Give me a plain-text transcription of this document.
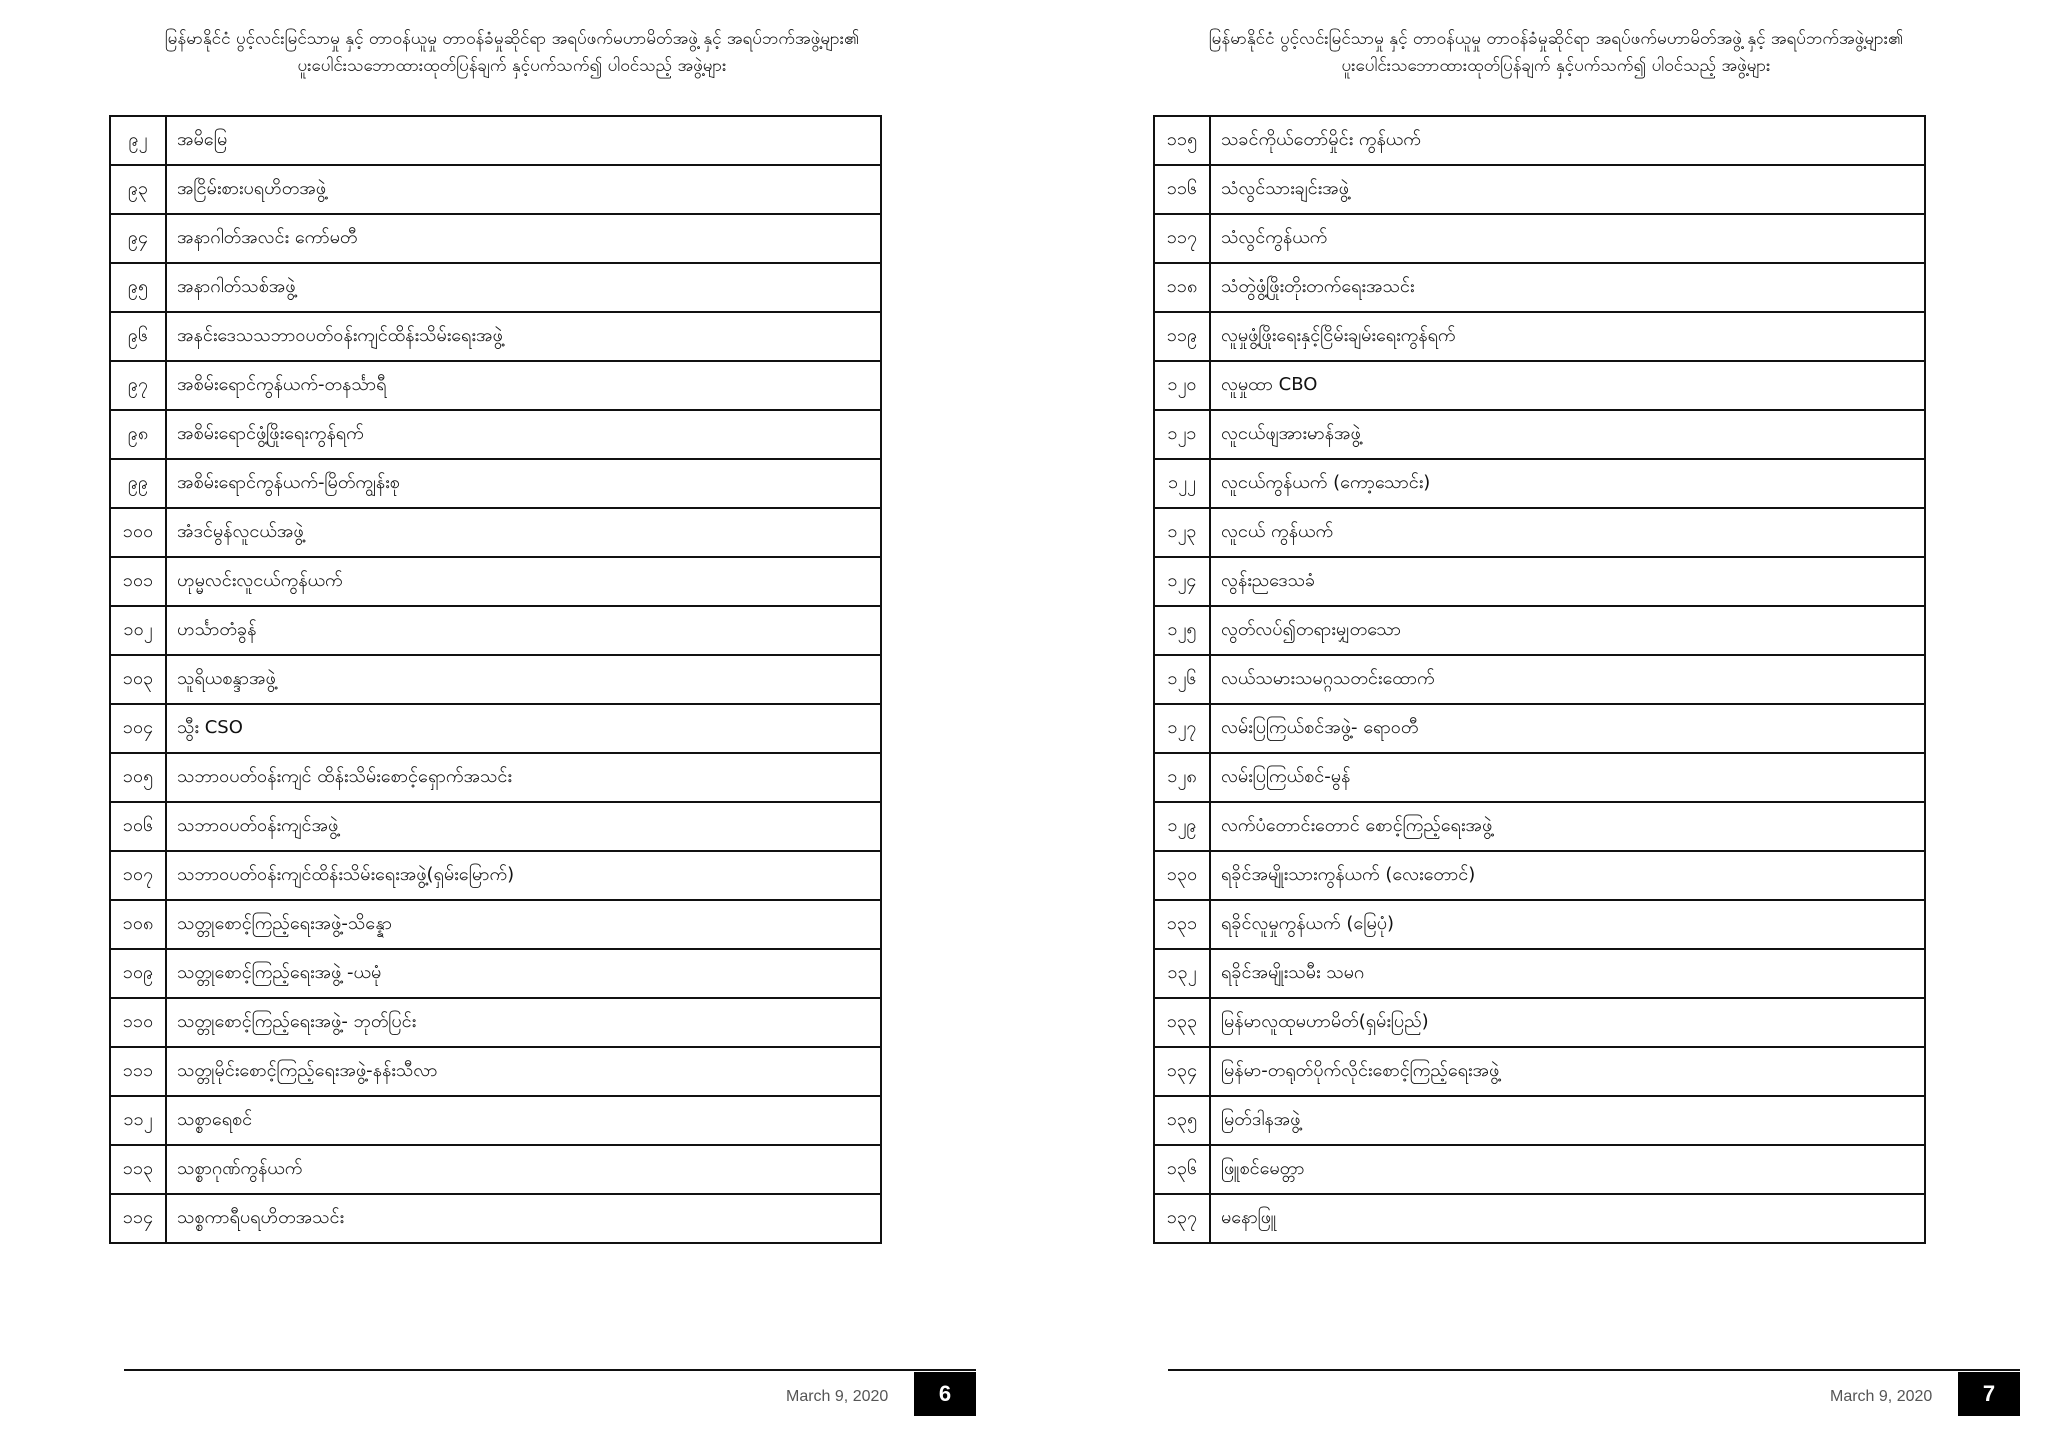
မြန်မာနိုင်ငံ ပွင့်လင်းမြင်သာမှု နှင့် တာဝန်ယူမှု တာဝန်ခံမှုဆိုင်ရာ အရပ်ဖက်မဟာမိတ်အဖွဲ့ နှင့် အရပ်ဘက်အဖွဲ့များ၏
ပူးပေါင်းသဘောထားထုတ်ပြန်ချက် နှင့်ပက်သက်၍ ပါဝင်သည့် အဖွဲ့များ
၉၂	အမိမြေ
၉၃	အငြိမ်းစားပရဟိတအဖွဲ့
၉၄	အနာဂါတ်အလင်း ကော်မတီ
၉၅	အနာဂါတ်သစ်အဖွဲ့
၉၆	အနင်းဒေသသဘာဝပတ်ဝန်းကျင်ထိန်းသိမ်းရေးအဖွဲ့
၉၇	အစိမ်းရောင်ကွန်ယက်-တနင်္သာရီ
၉၈	အစိမ်းရောင်ဖွံ့ဖြိုးရေးကွန်ရက်
၉၉	အစိမ်းရောင်ကွန်ယက်-မြိတ်ကျွန်းစု
၁၀၀	အံဒင်မွန်လူငယ်အဖွဲ့
၁၀၁	ဟုမ္မလင်းလူငယ်ကွန်ယက်
၁၀၂	ဟင်္သာတံခွန်
၁၀၃	သူရိယစန္ဒာအဖွဲ့
၁၀၄	သွီး CSO
၁၀၅	သဘာဝပတ်ဝန်းကျင် ထိန်းသိမ်းစောင့်ရှောက်အသင်း
၁၀၆	သဘာဝပတ်ဝန်းကျင်အဖွဲ့
၁၀၇	သဘာဝပတ်ဝန်းကျင်ထိန်းသိမ်းရေးအဖွဲ့(ရှမ်းမြောက်)
၁၀၈	သတ္တုစောင့်ကြည့်ရေးအဖွဲ့-သိန္နော
၁၀၉	သတ္တုစောင့်ကြည့်ရေးအဖွဲ့ -ယမုံ
၁၁၀	သတ္တုစောင့်ကြည့်ရေးအဖွဲ့- ဘုတ်ပြင်း
၁၁၁	သတ္တုမိုင်းစောင့်ကြည့်ရေးအဖွဲ့-နန်းသီလာ
၁၁၂	သစ္စာရေစင်
၁၁၃	သစ္စာဂုဏ်ကွန်ယက်
၁၁၄	သစ္စကာရီပရဟိတအသင်း
March 9, 2020	6
မြန်မာနိုင်ငံ ပွင့်လင်းမြင်သာမှု နှင့် တာဝန်ယူမှု တာဝန်ခံမှုဆိုင်ရာ အရပ်ဖက်မဟာမိတ်အဖွဲ့ နှင့် အရပ်ဘက်အဖွဲ့များ၏
ပူးပေါင်းသဘောထားထုတ်ပြန်ချက် နှင့်ပက်သက်၍ ပါဝင်သည့် အဖွဲ့များ
၁၁၅	သခင်ကိုယ်တော်မှိုင်း ကွန်ယက်
၁၁၆	သံလွင်သားချင်းအဖွဲ့
၁၁၇	သံလွင်ကွန်ယက်
၁၁၈	သံတွဲဖွံ့ဖြိုးတိုးတက်ရေးအသင်း
၁၁၉	လူမှုဖွံ့ဖြိုးရေးနှင့်ငြိမ်းချမ်းရေးကွန်ရက်
၁၂၀	လူမှုထာ CBO
၁၂၁	လူငယ်ဖျအားမာန်အဖွဲ့
၁၂၂	လူငယ်ကွန်ယက် (ကော့သောင်း)
၁၂၃	လူငယ် ကွန်ယက်
၁၂၄	လွန်းညဒေသခံ
၁၂၅	လွတ်လပ်၍တရားမျှတသော
၁၂၆	လယ်သမားသမဂ္ဂသတင်းထောက်
၁၂၇	လမ်းပြကြယ်စင်အဖွဲ့- ရောဝတီ
၁၂၈	လမ်းပြကြယ်စင်-မွန်
၁၂၉	လက်ပံတောင်းတောင် စောင့်ကြည့်ရေးအဖွဲ့
၁၃၀	ရခိုင်အမျိုးသားကွန်ယက် (လေးတောင်)
၁၃၁	ရခိုင်လူမှုကွန်ယက် (မြေပုံ)
၁၃၂	ရခိုင်အမျိုးသမီး သမဂ
၁၃၃	မြန်မာလူထုမဟာမိတ်(ရှမ်းပြည်)
၁၃၄	မြန်မာ-တရုတ်ပိုက်လိုင်းစောင့်ကြည့်ရေးအဖွဲ့
၁၃၅	မြတ်ဒါနအဖွဲ့
၁၃၆	ဖြူစင်မေတ္တာ
၁၃၇	မနောဖြူ
March 9, 2020	7
